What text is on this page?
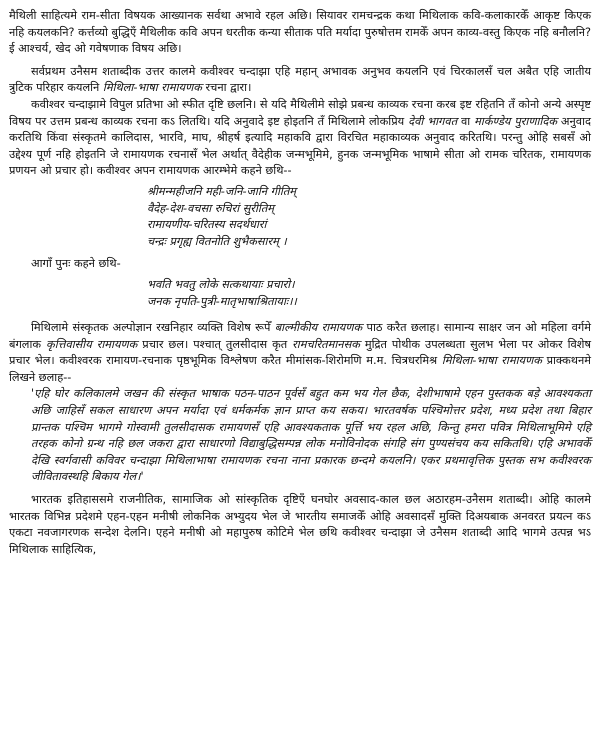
मैथिली साहित्यमे राम-सीता विषयक आख्यानक सर्वथा अभावे रहल अछि। सियावर रामचन्द्रक कथा मिथिलाक कवि-कलाकारकेँ आकृष्ट किएक नहि कयलकनि? कर्त्तव्यो बुद्धिएँ मैथिलीक कवि अपन धरतीक कन्या सीताक पति मर्यादा पुरुषोत्तम रामकेँ अपन काव्य-वस्तु किएक नहि बनौलनि? ई आश्चर्य, खेद ओ गवेषणाक विषय अछि।

सर्वप्रथम उनैसम शताब्दीक उत्तर कालमे कवीश्वर चन्दाझा एहि महान् अभावक अनुभव कयलनि एवं चिरकालसँ चल अबैत एहि जातीय त्रुटिक परिहार कयलनि मिथिला-भाषा रामायणक रचना द्वारा।

कवीश्वर चन्दाझामे विपुल प्रतिभा ओ स्फीत दृष्टि छलनि। से यदि मैथिलीमे सोझे प्रबन्ध काव्यक रचना करब इष्ट रहितनि तँ कोनो अन्ये अस्पृष्ट विषय पर उत्तम प्रबन्ध काव्यक रचना कऽ लितथि। यदि अनुवादे इष्ट होइतनि तँ मिथिलामे लोकप्रिय देवी भागवत वा मार्कण्डेय पुराणादिक अनुवाद करतिथि किंवा संस्कृतमे कालिदास, भारवि, माघ, श्रीहर्ष इत्यादि महाकवि द्वारा विरचित महाकाव्यक अनुवाद करितथि। परन्तु ओहि सबसँ ओ उद्देश्य पूर्ण नहि होइतनि जे रामायणक रचनासँ भेल अर्थात् वैदेहीक जन्मभूमिमे, हुनक जन्मभूमिक भाषामे सीता ओ रामक चरितक, रामायणक प्रणयन ओ प्रचार हो। कवीश्वर अपन रामायणक आरम्भेमे कहने छथि--

श्रीमन्महीजनि मही-जनि-जानि गीतिम्
वैदेह-देश-वचसा रुचिरां सुरीतिम्
रामायणीय-चरितस्य सदर्थधारां
चन्द्रः प्रगृह्य वितनोति शुभैकसारम् ।

आगाँ पुनः कहने छथि-

भवति भवतु लोके सत्कथायाः प्रचारो।
जनक नृपति-पुत्री-मातृभाषाश्रितायाः।।

मिथिलामे संस्कृतक अल्पोज्ञान रखनिहार व्यक्ति विशेष रूपेँ बाल्मीकीय रामायणक पाठ करैत छलाह। सामान्य साक्षर जन ओ महिला वर्गमे बंगलाक कृत्तिवासीय रामायणक प्रचार छल। पश्चात् तुलसीदास कृत रामचरितमानसक मुद्रित पोथीक उपलब्धता सुलभ भेला पर ओकर विशेष प्रचार भेल। कवीश्वरक रामायण-रचनाक पृष्ठभूमिक विश्लेषण करैत मीमांसक-शिरोमणि म.म. चित्रधरमिश्र मिथिला-भाषा रामायणक प्राक्कथनमे लिखने छलाह--

'एहि घोर कलिकालमे जखन की संस्कृत भाषाक पठन-पाठन पूर्वसँ बहुत कम भय गेल छैक, देशीभाषामे एहन पुस्तकक बड़े आवश्यकता अछि जाहिसँ सकल साधारण अपन मर्यादा एवं धर्मकर्मक ज्ञान प्राप्त कय सकय। भारतवर्षक पश्चिमोत्तर प्रदेश, मध्य प्रदेश तथा बिहार प्रान्तक पश्चिम भागमे गोस्वामी तुलसीदासक रामायणसँ एहि आवश्यकताक पूर्त्ति भय रहल अछि, किन्तु हमरा पवित्र मिथिलाभूमिमे एहि तरहक कोनो ग्रन्थ नहि छल जकरा द्वारा साधारणो विद्याबुद्धिसम्पन्न लोक मनोविनोदक संगहि संग पुण्यसंचय कय सकितथि। एहि अभावकेँ देखि स्वर्गवासी कविवर चन्दाझा मिथिलाभाषा रामायणक रचना नाना प्रकारक छन्दमे कयलनि। एकर प्रथमावृत्तिक पुस्तक सभ कवीश्वरक जीवितावस्थहि बिकाय गेल।'

भारतक इतिहाससमे राजनीतिक, सामाजिक ओ सांस्कृतिक दृष्टिएँ घनघोर अवसाद-काल छल अठारहम-उनैसम शताब्दी। ओहि कालमे भारतक विभिन्न प्रदेशमे एहन-एहन मनीषी लोकनिक अभ्युदय भेल जे भारतीय समाजकेँ ओहि अवसादसँ मुक्ति दिअयबाक अनवरत प्रयत्न कऽ एकटा नवजागरणक सन्देश देलनि। एहने मनीषी ओ महापुरुष कोटिमे भेल छथि कवीश्वर चन्दाझा जे उनैसम शताब्दी आदि भागमे उत्पन्न भऽ मिथिलाक साहित्यिक,
